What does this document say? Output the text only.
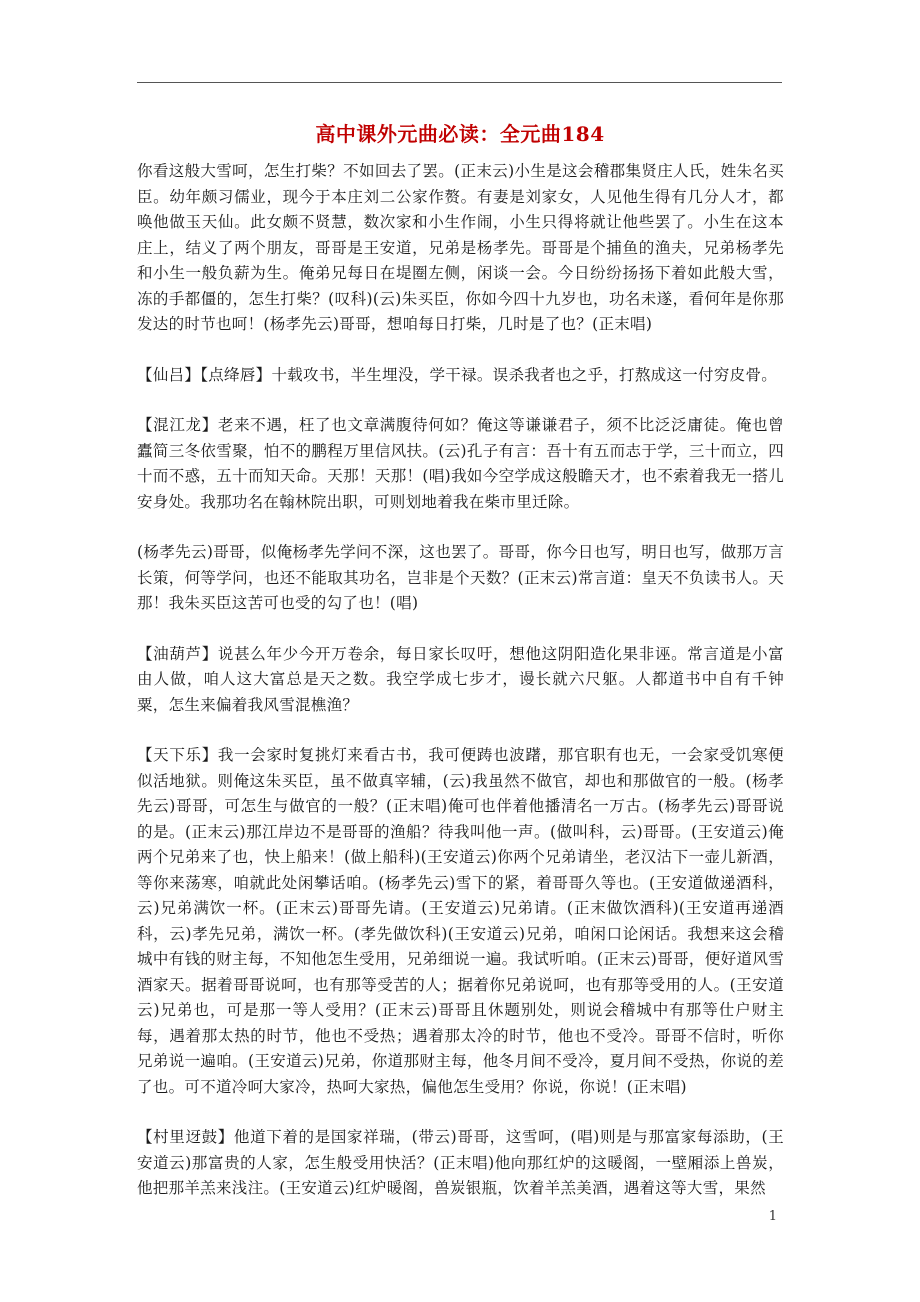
高中课外元曲必读：全元曲184

你看这般大雪呵，怎生打柴？不如回去了罢。(正末云)小生是这会稽郡集贤庄人氏，姓朱名买臣。幼年颇习儒业，现今于本庄刘二公家作赘。有妻是刘家女，人见他生得有几分人才，都唤他做玉天仙。此女颇不贤慧，数次家和小生作闹，小生只得将就让他些罢了。小生在这本庄上，结义了两个朋友，哥哥是王安道，兄弟是杨孝先。哥哥是个捕鱼的渔夫，兄弟杨孝先和小生一般负薪为生。俺弟兄每日在堤圈左侧，闲谈一会。今日纷纷扬扬下着如此般大雪，冻的手都僵的，怎生打柴？(叹科)(云)朱买臣，你如今四十九岁也，功名未遂，看何年是你那发达的时节也呵！(杨孝先云)哥哥，想咱每日打柴，几时是了也？(正末唱)

【仙吕】【点绛唇】十载攻书，半生埋没，学干禄。误杀我者也之乎，打熬成这一付穷皮骨。

【混江龙】老来不遇，枉了也文章满腹待何如？俺这等谦谦君子，须不比泛泛庸徒。俺也曾蠹简三冬依雪聚，怕不的鹏程万里信风扶。(云)孔子有言：吾十有五而志于学，三十而立，四十而不惑，五十而知天命。天那！天那！(唱)我如今空学成这般瞻天才，也不索着我无一搭儿安身处。我那功名在翰林院出职，可则划地着我在柴市里迁除。

(杨孝先云)哥哥，似俺杨孝先学问不深，这也罢了。哥哥，你今日也写，明日也写，做那万言长策，何等学问，也还不能取其功名，岂非是个天数？(正末云)常言道：皇天不负读书人。天那！我朱买臣这苦可也受的勾了也！(唱)

【油葫芦】说甚么年少今开万卷余，每日家长叹吁，想他这阴阳造化果非诬。常言道是小富由人做，咱人这大富总是天之数。我空学成七步才，谩长就六尺躯。人都道书中自有千钟粟，怎生来偏着我风雪混樵渔？

【天下乐】我一会家时复挑灯来看古书，我可便踌也波躇，那官职有也无，一会家受饥寒便似活地狱。则俺这朱买臣，虽不做真宰辅，(云)我虽然不做官，却也和那做官的一般。(杨孝先云)哥哥，可怎生与做官的一般？(正末唱)俺可也伴着他播清名一万古。(杨孝先云)哥哥说的是。(正末云)那江岸边不是哥哥的渔船？待我叫他一声。(做叫科，云)哥哥。(王安道云)俺两个兄弟来了也，快上船来！(做上船科)(王安道云)你两个兄弟请坐，老汉沽下一壶儿新酒，等你来荡寒，咱就此处闲攀话咱。(杨孝先云)雪下的紧，着哥哥久等也。(王安道做递酒科，云)兄弟满饮一杯。(正末云)哥哥先请。(王安道云)兄弟请。(正末做饮酒科)(王安道再递酒科，云)孝先兄弟，满饮一杯。(孝先做饮科)(王安道云)兄弟，咱闲口论闲话。我想来这会稽城中有钱的财主每，不知他怎生受用，兄弟细说一遍。我试听咱。(正末云)哥哥，便好道风雪酒家天。据着哥哥说呵，也有那等受苦的人；据着你兄弟说呵，也有那等受用的人。(王安道云)兄弟也，可是那一等人受用？(正末云)哥哥且休题别处，则说会稽城中有那等仕户财主每，遇着那太热的时节，他也不受热；遇着那太冷的时节，他也不受冷。哥哥不信时，听你兄弟说一遍咱。(王安道云)兄弟，你道那财主每，他冬月间不受冷，夏月间不受热，你说的差了也。可不道冷呵大家冷，热呵大家热，偏他怎生受用？你说，你说！(正末唱)

【村里迓鼓】他道下着的是国家祥瑞，(带云)哥哥，这雪呵，(唱)则是与那富家每添助，(王安道云)那富贵的人家，怎生般受用快活？(正末唱)他向那红炉的这暖阁，一壁厢添上兽炭，他把那羊羔来浅注。(王安道云)红炉暖阁，兽炭银瓶，饮着羊羔美酒，遇着这等大雪，果然

1
